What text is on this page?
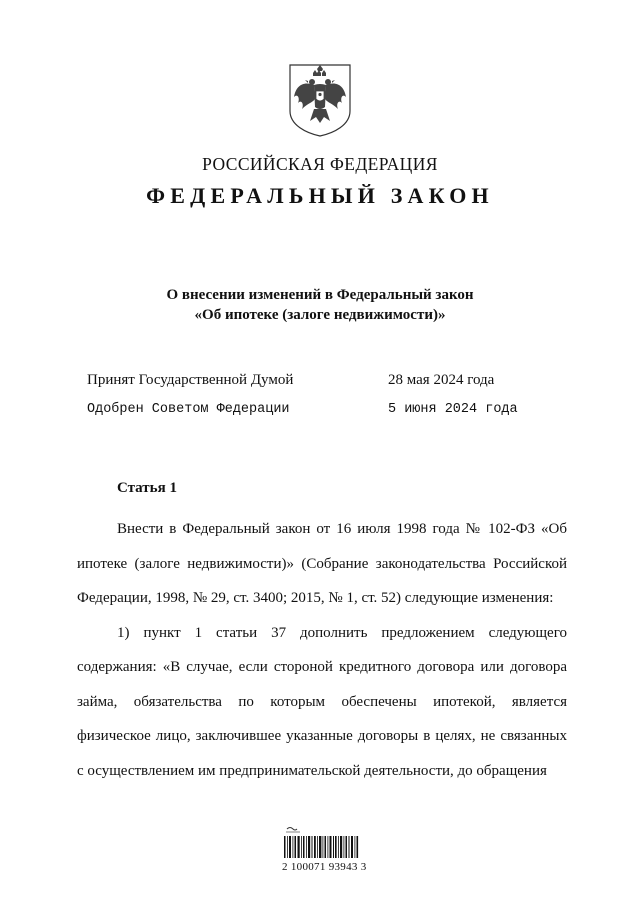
РОССИЙСКАЯ ФЕДЕРАЦИЯ
ФЕДЕРАЛЬНЫЙ ЗАКОН
О внесении изменений в Федеральный закон
«Об ипотеке (залоге недвижимости)»
Принят Государственной Думой	28 мая 2024 года
Одобрен Советом Федерации	5 июня 2024 года
Статья 1

Внести в Федеральный закон от 16 июля 1998 года № 102-ФЗ «Об ипотеке (залоге недвижимости)» (Собрание законодательства Российской Федерации, 1998, № 29, ст. 3400; 2015, № 1, ст. 52) следующие изменения:

1) пункт 1 статьи 37 дополнить предложением следующего содержания: «В случае, если стороной кредитного договора или договора займа, обязательства по которым обеспечены ипотекой, является физическое лицо, заключившее указанные договоры в целях, не связанных с осуществлением им предпринимательской деятельности, до обращения

2 100071 93943 3
